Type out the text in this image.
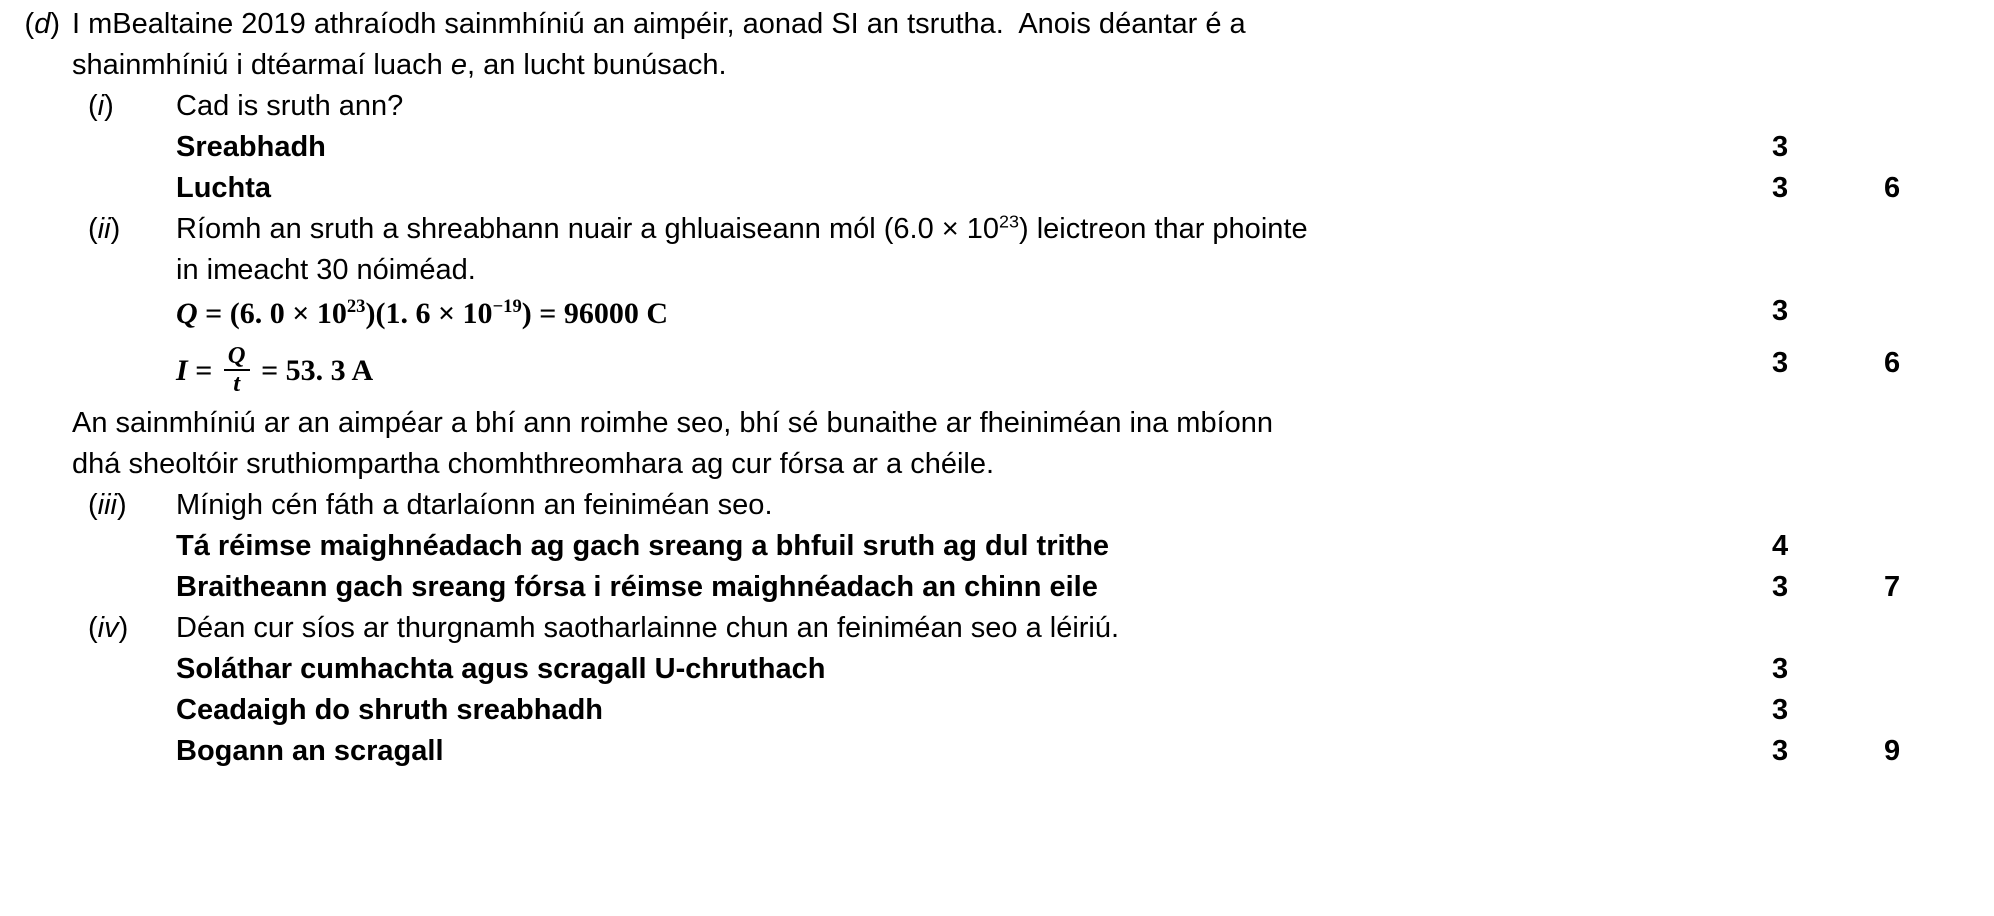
(d) I mBealtaine 2019 athraíodh sainmhíniú an aimpéir, aonad SI an tsrutha.  Anois déantar é a
shainmhíniú i dtéarmaí luach e, an lucht bunúsach.
(i)	Cad is sruth ann?
Sreabhadh	3
Luchta	3	6
(ii)	Ríomh an sruth a shreabhann nuair a ghluaiseann mól $(6.0 \times 10^{23})$ leictreon thar phointe
in imeacht 30 nóiméad.
Q = (6. $0 \times 10^{23})(1$. $6 \times 10^{-19}) = 96000$ C	3
$I = \frac{Q}{t} = 53$. 3 A	3	6
An sainmhíniú ar an aimpéar a bhí ann roimhe seo, bhí sé bunaithe ar fheiniméan ina mbíonn
dhá sheoltóir sruthiompartha chomhthreomhara ag cur fórsa ar a chéile.
(iii)	Mínigh cén fáth a dtarlaíonn an feiniméan seo.
Tá réimse maighnéadach ag gach sreang a bhfuil sruth ag dul trithe	4
Braitheann gach sreang fórsa i réimse maighnéadach an chinn eile	3	7
(iv)	Déan cur síos ar thurgnamh saotharlainne chun an feiniméan seo a léiriú.
Soláthar cumhachta agus scragall U-chruthach	3
Ceadaigh do shruth sreabhadh	3
Bogann an scragall	3	9
